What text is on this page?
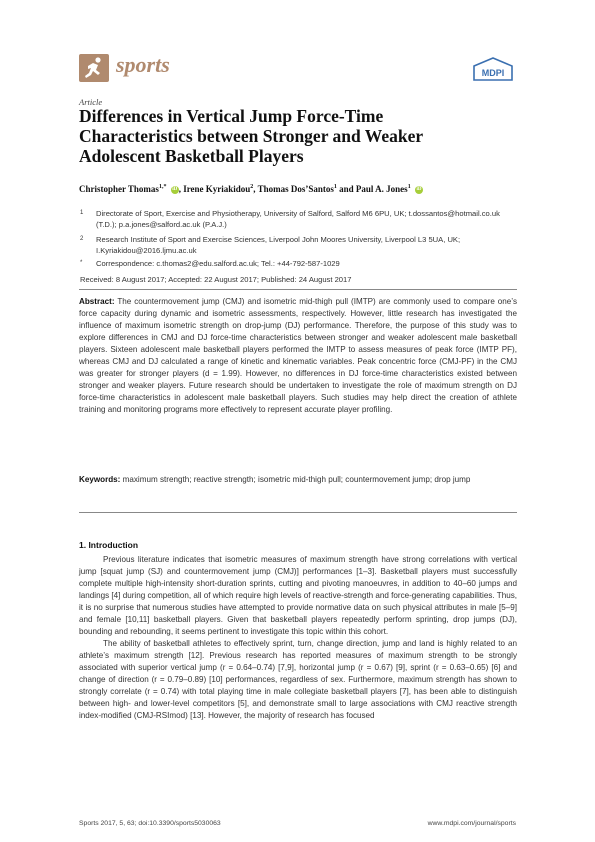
sports	MDPI
Article
Differences in Vertical Jump Force-Time Characteristics between Stronger and Weaker Adolescent Basketball Players
Christopher Thomas$^{1,*}$ iD , Irene Kyriakidou$^2$, Thomas Dos’Santos$^1$ and Paul A. Jones$^1$ iD
1 Directorate of Sport, Exercise and Physiotherapy, University of Salford, Salford M6 6PU, UK; t.dossantos@hotmail.co.uk (T.D.); p.a.jones@salford.ac.uk (P.A.J.)
2 Research Institute of Sport and Exercise Sciences, Liverpool John Moores University, Liverpool L3 5UA, UK; I.Kyriakidou@2016.ljmu.ac.uk
* Correspondence: c.thomas2@edu.salford.ac.uk; Tel.: +44-792-587-1029
Received: 8 August 2017; Accepted: 22 August 2017; Published: 24 August 2017
Abstract: The countermovement jump (CMJ) and isometric mid-thigh pull (IMTP) are commonly used to compare one’s force capacity during dynamic and isometric assessments, respectively. However, little research has investigated the influence of maximum isometric strength on drop-jump (DJ) performance. Therefore, the purpose of this study was to explore differences in CMJ and DJ force-time characteristics between stronger and weaker adolescent male basketball players. Sixteen adolescent male basketball players performed the IMTP to assess measures of peak force (IMTP PF), whereas CMJ and DJ calculated a range of kinetic and kinematic variables. Peak concentric force (CMJ-PF) in the CMJ was greater for stronger players (d = 1.99). However, no differences in DJ force-time characteristics existed between stronger and weaker players. Future research should be undertaken to investigate the role of maximum strength on DJ force-time characteristics in adolescent male basketball players. Such studies may help direct the creation of athlete training and monitoring programs more effectively to represent accurate player profiling.
Keywords: maximum strength; reactive strength; isometric mid-thigh pull; countermovement jump; drop jump
1. Introduction

Previous literature indicates that isometric measures of maximum strength have strong correlations with vertical jump [squat jump (SJ) and countermovement jump (CMJ)] performances [1–3]. Basketball players must successfully complete multiple high-intensity short-duration sprints, cutting and pivoting manoeuvres, in addition to 40–60 jumps and landings [4] during competition, all of which require high levels of reactive-strength and force-generating capabilities. Thus, it is no surprise that numerous studies have attempted to provide normative data on such physical attributes in male [5–9] and female [10,11] basketball players. Given that basketball players repeatedly perform sprinting, drop jumps (DJ), bounding and rebounding, it seems pertinent to investigate this topic within this cohort.

The ability of basketball athletes to effectively sprint, turn, change direction, jump and land is highly related to an athlete’s maximum strength [12]. Previous research has reported measures of maximum strength to be strongly associated with superior vertical jump (r = 0.64–0.74) [7,9], horizontal jump (r = 0.67) [9], sprint (r = 0.63–0.65) [6] and change of direction (r = 0.79–0.89) [10] performances, regardless of sex. Furthermore, maximum strength has shown to strongly correlate (r = 0.74) with total playing time in male collegiate basketball players [7], has been able to distinguish between high- and lower-level competitors [5], and demonstrate small to large associations with CMJ reactive strength index-modified (CMJ-RSImod) [13]. However, the majority of research has focused

Sports 2017, 5, 63; doi:10.3390/sports5030063	www.mdpi.com/journal/sports
